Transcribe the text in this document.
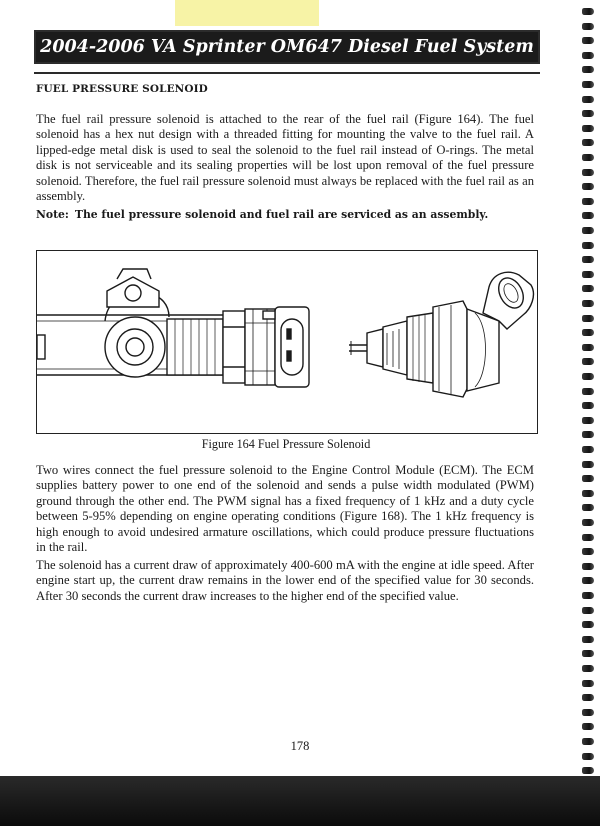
2004-2006 VA Sprinter OM647 Diesel Fuel System
FUEL PRESSURE SOLENOID

The fuel rail pressure solenoid is attached to the rear of the fuel rail (Figure 164). The fuel solenoid has a hex nut design with a threaded fitting for mounting the valve to the fuel rail. A lipped-edge metal disk is used to seal the solenoid to the fuel rail instead of O-rings. The metal disk is not serviceable and its sealing properties will be lost upon removal of the fuel pressure solenoid. Therefore, the fuel rail pressure solenoid must always be replaced with the fuel rail as an assembly.

Note: The fuel pressure solenoid and fuel rail are serviced as an assembly.
Figure 164 Fuel Pressure Solenoid

Two wires connect the fuel pressure solenoid to the Engine Control Module (ECM). The ECM supplies battery power to one end of the solenoid and sends a pulse width modulated (PWM) ground through the other end. The PWM signal has a fixed frequency of 1 kHz and a duty cycle between 5-95% depending on engine operating conditions (Figure 168). The 1 kHz frequency is high enough to avoid undesired armature oscillations, which could produce pressure fluctuations in the rail.

The solenoid has a current draw of approximately 400-600 mA with the engine at idle speed. After engine start up, the current draw remains in the lower end of the specified value for 30 seconds. After 30 seconds the current draw increases to the higher end of the specified value.

178
